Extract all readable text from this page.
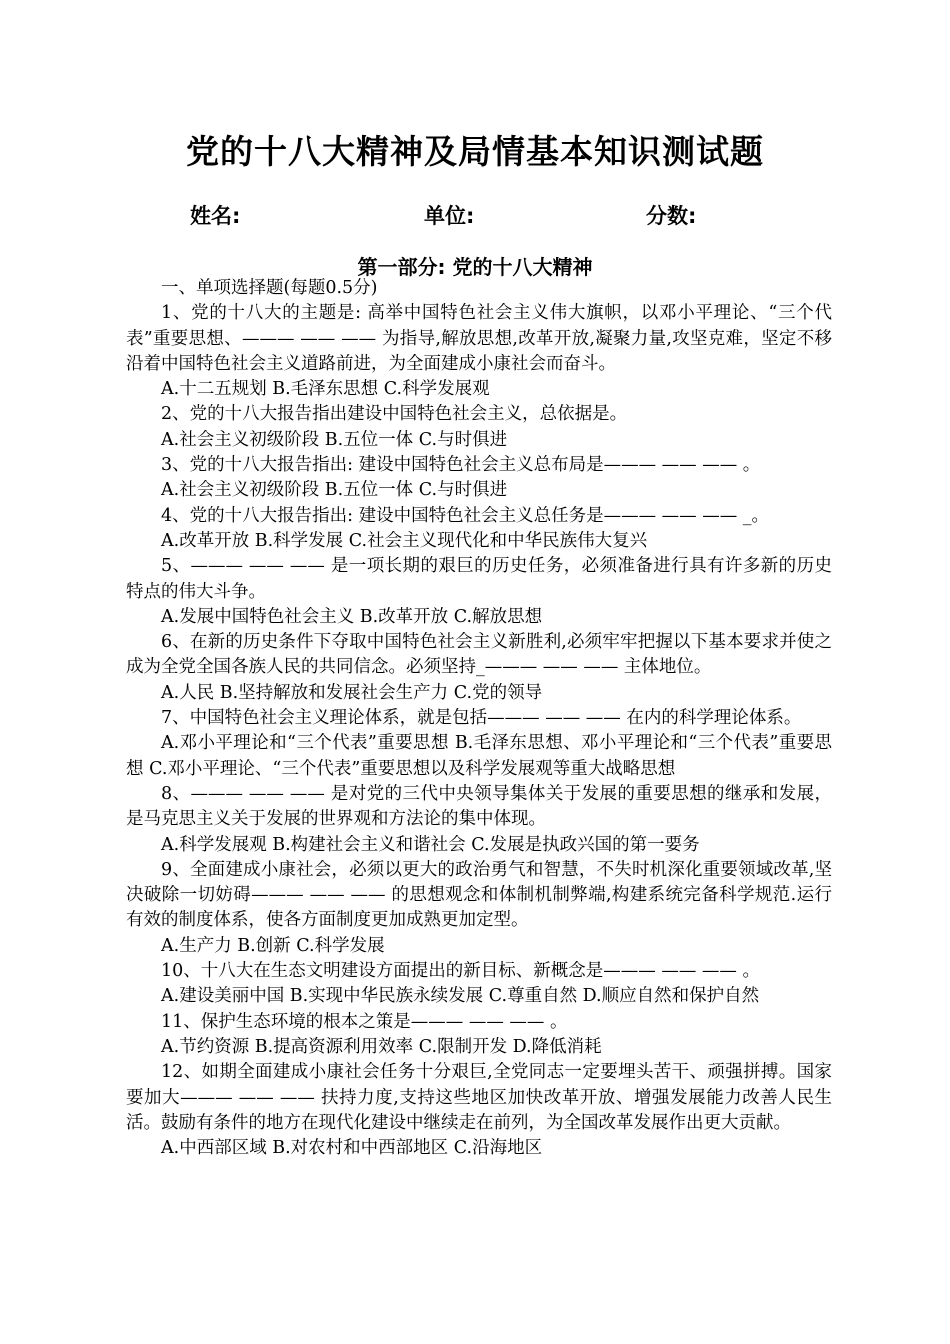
党的十八大精神及局情基本知识测试题
姓名:	单位:	分数:
第一部分: 党的十八大精神
一、单项选择题(每题0.5分)
1、党的十八大的主题是: 高举中国特色社会主义伟大旗帜，以邓小平理论、“三个代表”重要思想、——— —— —— 为指导,解放思想,改革开放,凝聚力量,攻坚克难，坚定不移沿着中国特色社会主义道路前进，为全面建成小康社会而奋斗。
A.十二五规划 B.毛泽东思想 C.科学发展观
2、党的十八大报告指出建设中国特色社会主义，总依据是。
A.社会主义初级阶段 B.五位一体 C.与时俱进
3、党的十八大报告指出: 建设中国特色社会主义总布局是——— —— —— 。
A.社会主义初级阶段 B.五位一体 C.与时俱进
4、党的十八大报告指出: 建设中国特色社会主义总任务是——— —— —— _。
A.改革开放 B.科学发展 C.社会主义现代化和中华民族伟大复兴
5、——— —— —— 是一项长期的艰巨的历史任务，必须准备进行具有许多新的历史特点的伟大斗争。
A.发展中国特色社会主义 B.改革开放 C.解放思想
6、在新的历史条件下夺取中国特色社会主义新胜利,必须牢牢把握以下基本要求并使之成为全党全国各族人民的共同信念。必须坚持_——— —— —— 主体地位。
A.人民 B.坚持解放和发展社会生产力 C.党的领导
7、中国特色社会主义理论体系，就是包括——— —— —— 在内的科学理论体系。
A.邓小平理论和“三个代表”重要思想 B.毛泽东思想、邓小平理论和“三个代表”重要思想 C.邓小平理论、“三个代表”重要思想以及科学发展观等重大战略思想
8、——— —— —— 是对党的三代中央领导集体关于发展的重要思想的继承和发展，是马克思主义关于发展的世界观和方法论的集中体现。
A.科学发展观 B.构建社会主义和谐社会 C.发展是执政兴国的第一要务
9、全面建成小康社会，必须以更大的政治勇气和智慧，不失时机深化重要领域改革,坚决破除一切妨碍——— —— —— 的思想观念和体制机制弊端,构建系统完备科学规范.运行有效的制度体系，使各方面制度更加成熟更加定型。
A.生产力 B.创新 C.科学发展
10、十八大在生态文明建设方面提出的新目标、新概念是——— —— —— 。
A.建设美丽中国 B.实现中华民族永续发展 C.尊重自然 D.顺应自然和保护自然
11、保护生态环境的根本之策是——— —— —— 。
A.节约资源 B.提高资源利用效率 C.限制开发 D.降低消耗
12、如期全面建成小康社会任务十分艰巨,全党同志一定要埋头苦干、顽强拼搏。国家要加大——— —— —— 扶持力度,支持这些地区加快改革开放、增强发展能力改善人民生活。鼓励有条件的地方在现代化建设中继续走在前列，为全国改革发展作出更大贡献。
A.中西部区域 B.对农村和中西部地区 C.沿海地区
